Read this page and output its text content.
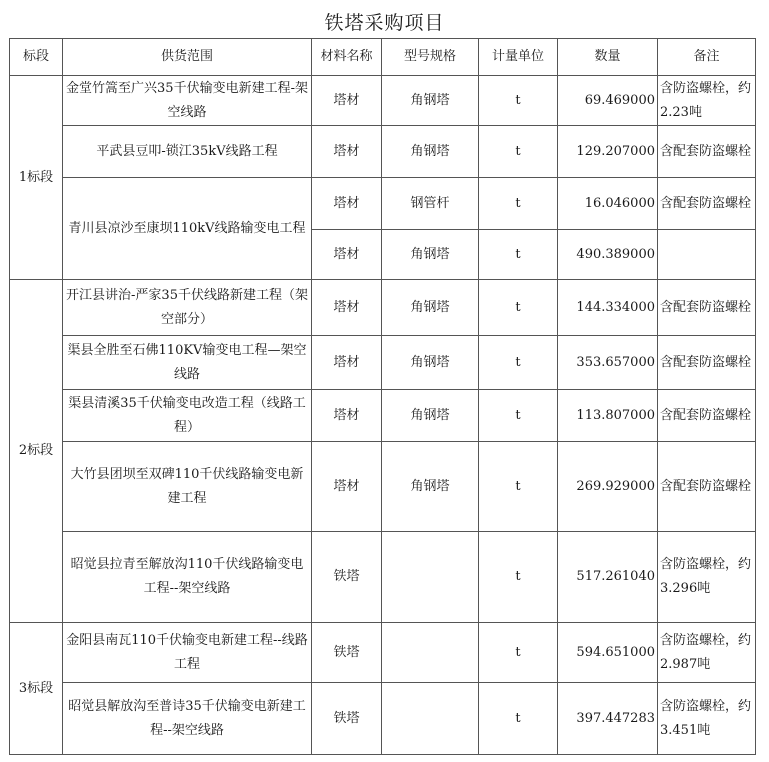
铁塔采购项目
标段	供货范围	材料名称	型号规格	计量单位	数量	备注
1标段	金堂竹篙至广兴35千伏输变电新建工程-架空线路	塔材	角钢塔	t	69.469000	含防盗螺栓，约2.23吨
	平武县豆叩-锁江35kV线路工程	塔材	角钢塔	t	129.207000	含配套防盗螺栓
	青川县凉沙至康坝110kV线路输变电工程	塔材	钢管杆	t	16.046000	含配套防盗螺栓
		塔材	角钢塔	t	490.389000	
2标段	开江县讲治-严家35千伏线路新建工程（架空部分）	塔材	角钢塔	t	144.334000	含配套防盗螺栓
	渠县全胜至石佛110KV输变电工程—架空线路	塔材	角钢塔	t	353.657000	含配套防盗螺栓
	渠县清溪35千伏输变电改造工程（线路工程）	塔材	角钢塔	t	113.807000	含配套防盗螺栓
	大竹县团坝至双碑110千伏线路输变电新建工程	塔材	角钢塔	t	269.929000	含配套防盗螺栓
	昭觉县拉青至解放沟110千伏线路输变电工程--架空线路	铁塔		t	517.261040	含防盗螺栓，约3.296吨
3标段	金阳县南瓦110千伏输变电新建工程--线路工程	铁塔		t	594.651000	含防盗螺栓，约2.987吨
	昭觉县解放沟至普诗35千伏输变电新建工程--架空线路	铁塔		t	397.447283	含防盗螺栓，约3.451吨
